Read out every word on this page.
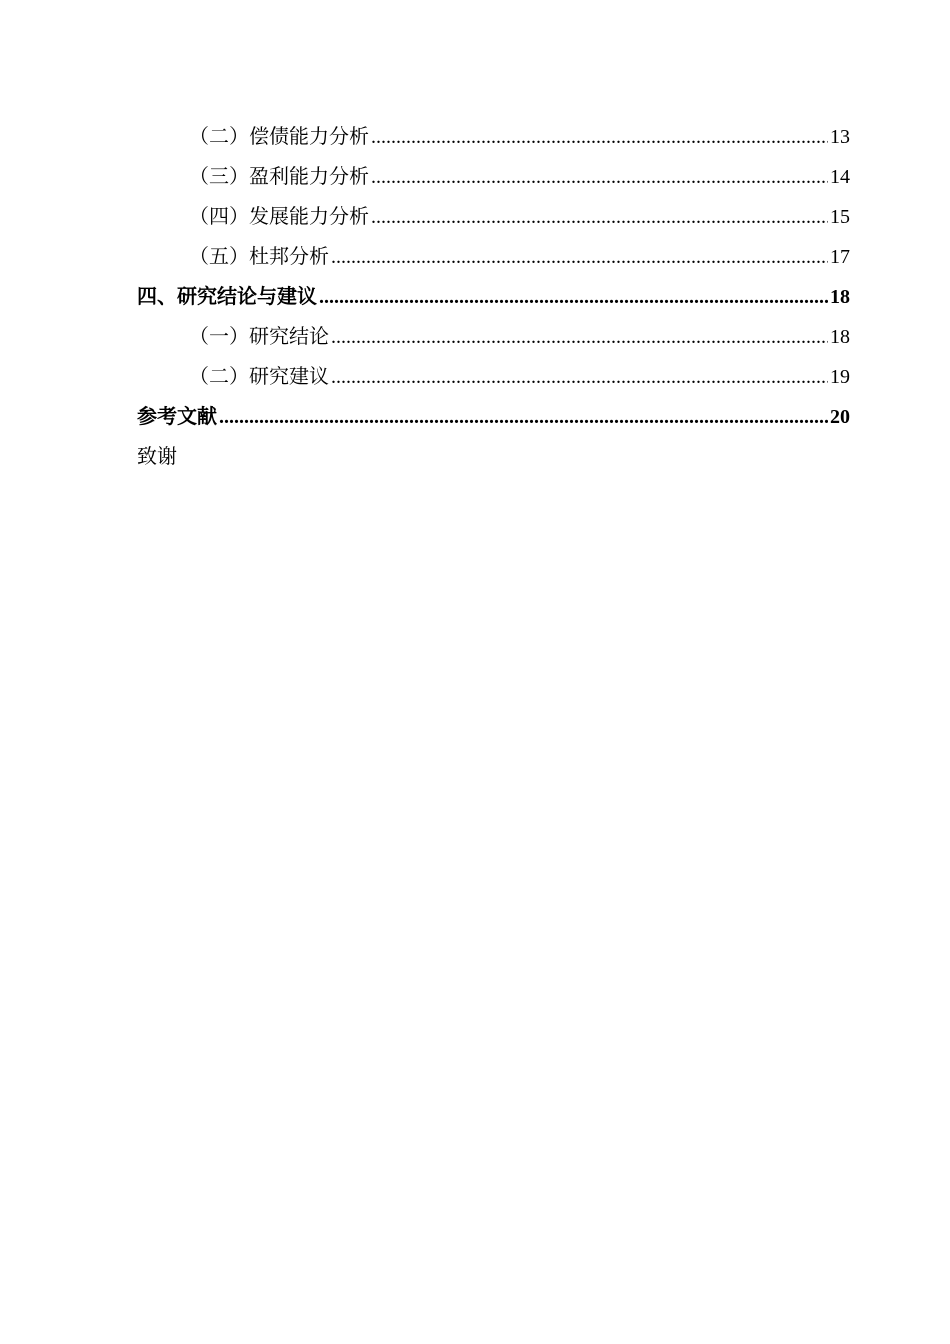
（二）偿债能力分析 .....	13
（三）盈利能力分析 .....	14
（四）发展能力分析 .....	15
（五）杜邦分析 .....	17
四、研究结论与建议 .....	18
（一）研究结论 .....	18
（二）研究建议 .....	19
参考文献 .....	20
致谢
